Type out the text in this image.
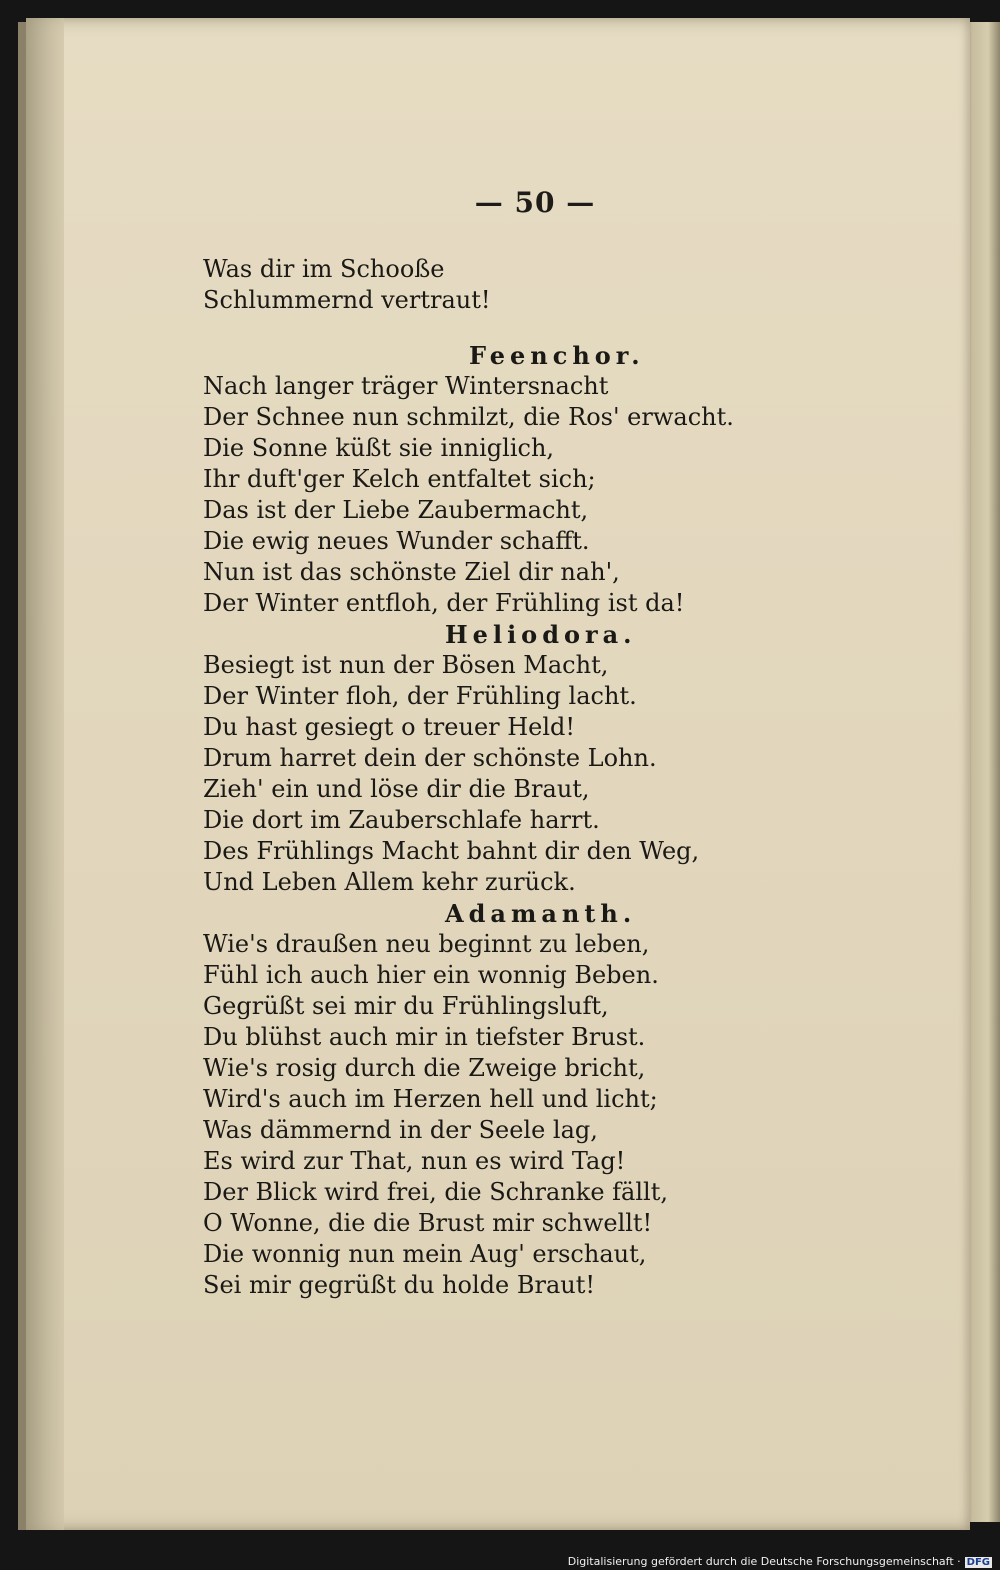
— 50 —
Was dir im Schooße
Schlummernd vertraut!
Feenchor.
Nach langer träger Wintersnacht
Der Schnee nun schmilzt, die Ros' erwacht.
Die Sonne küßt sie inniglich,
Ihr duft'ger Kelch entfaltet sich;
Das ist der Liebe Zaubermacht,
Die ewig neues Wunder schafft.
Nun ist das schönste Ziel dir nah',
Der Winter entfloh, der Frühling ist da!
Heliodora.
Besiegt ist nun der Bösen Macht,
Der Winter floh, der Frühling lacht.
Du hast gesiegt o treuer Held!
Drum harret dein der schönste Lohn.
Zieh' ein und löse dir die Braut,
Die dort im Zauberschlafe harrt.
Des Frühlings Macht bahnt dir den Weg,
Und Leben Allem kehr zurück.
Adamanth.
Wie's draußen neu beginnt zu leben,
Fühl ich auch hier ein wonnig Beben.
Gegrüßt sei mir du Frühlingsluft,
Du blühst auch mir in tiefster Brust.
Wie's rosig durch die Zweige bricht,
Wird's auch im Herzen hell und licht;
Was dämmernd in der Seele lag,
Es wird zur That, nun es wird Tag!
Der Blick wird frei, die Schranke fällt,
O Wonne, die die Brust mir schwellt!
Die wonnig nun mein Aug' erschaut,
Sei mir gegrüßt du holde Braut!
Digitalisierung gefördert durch die Deutsche Forschungsgemeinschaft · DFG
